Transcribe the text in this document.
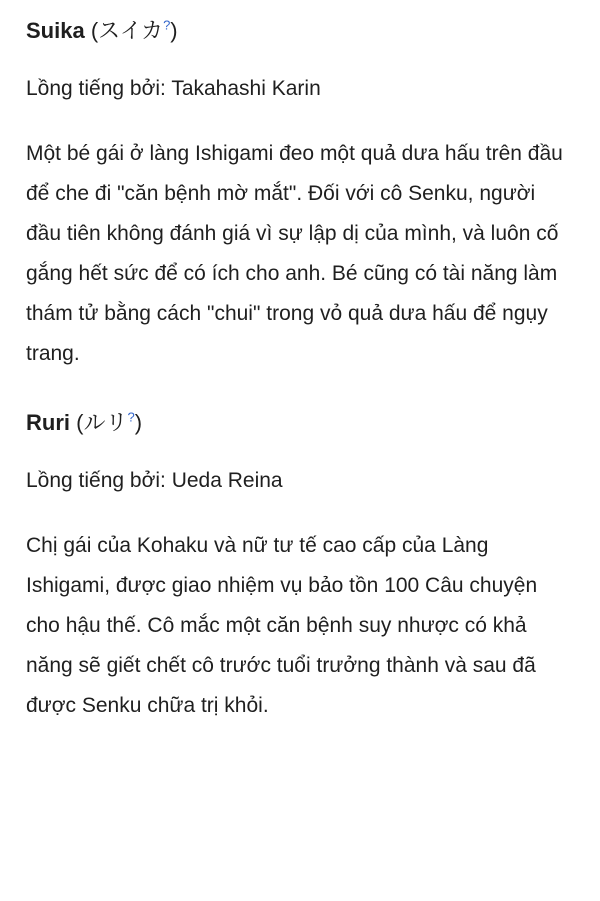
Suika (スイカ?)

Lồng tiếng bởi: Takahashi Karin

Một bé gái ở làng Ishigami đeo một quả dưa hấu trên đầu để che đi "căn bệnh mờ mắt". Đối với cô Senku, người đầu tiên không đánh giá vì sự lập dị của mình, và luôn cố gắng hết sức để có ích cho anh. Bé cũng có tài năng làm thám tử bằng cách "chui" trong vỏ quả dưa hấu để ngụy trang.

Ruri (ルリ?)

Lồng tiếng bởi: Ueda Reina

Chị gái của Kohaku và nữ tư tế cao cấp của Làng Ishigami, được giao nhiệm vụ bảo tồn 100 Câu chuyện cho hậu thế. Cô mắc một căn bệnh suy nhược có khả năng sẽ giết chết cô trước tuổi trưởng thành và sau đã được Senku chữa trị khỏi.
